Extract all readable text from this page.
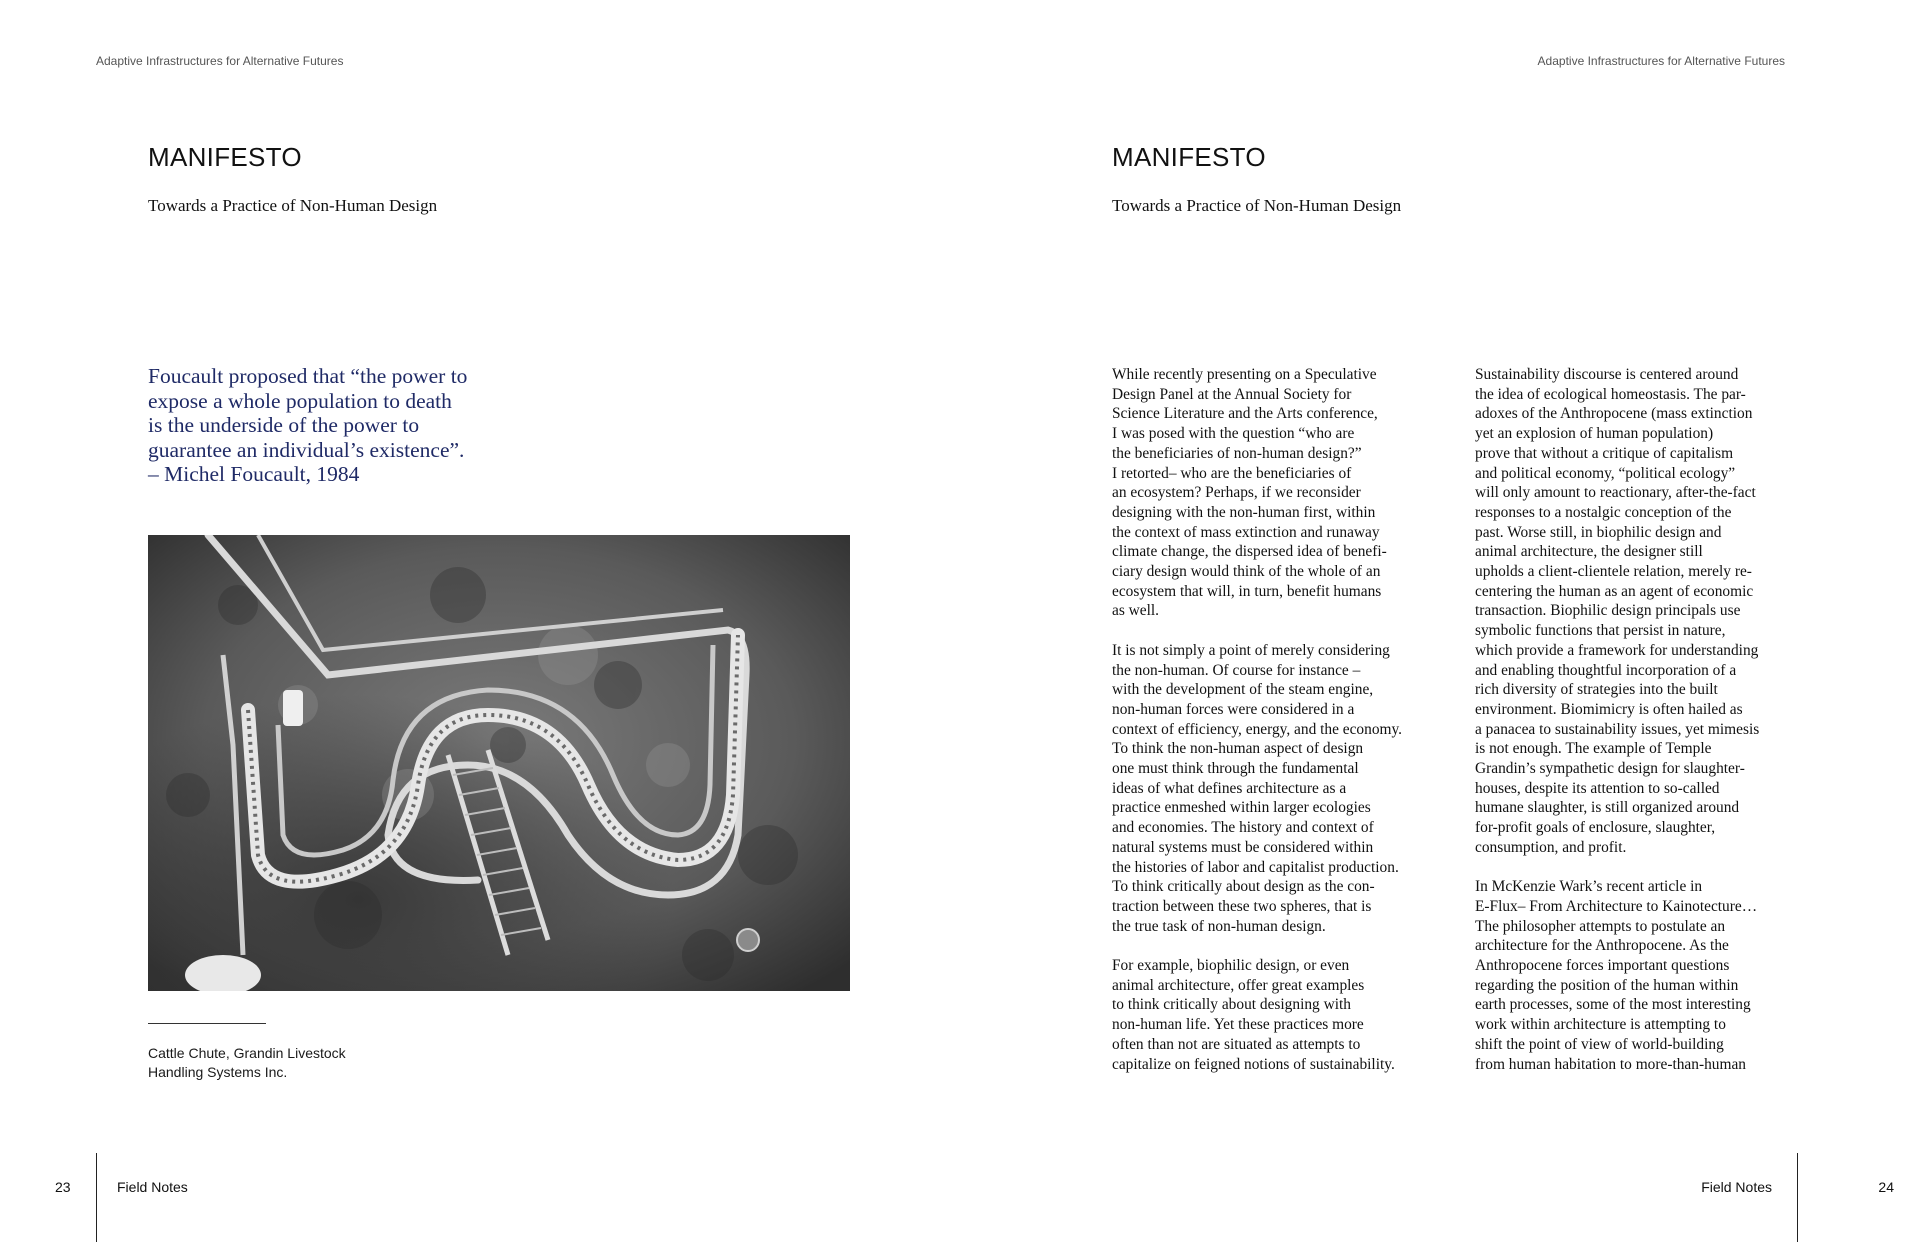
Adaptive Infrastructures for Alternative Futures
MANIFESTO
Towards a Practice of Non-Human Design
Foucault proposed that “the power to
expose a whole population to death
is the underside of the power to
guarantee an individual’s existence”.
– Michel Foucault, 1984
Cattle Chute, Grandin Livestock
Handling Systems Inc.
23	Field Notes
Adaptive Infrastructures for Alternative Futures
MANIFESTO
Towards a Practice of Non-Human Design

While recently presenting on a Speculative
Design Panel at the Annual Society for
Science Literature and the Arts conference,
I was posed with the question “who are
the beneficiaries of non-human design?”
I retorted– who are the beneficiaries of
an ecosystem? Perhaps, if we reconsider
designing with the non-human first, within
the context of mass extinction and runaway
climate change, the dispersed idea of benefi-
ciary design would think of the whole of an
ecosystem that will, in turn, benefit humans
as well.

It is not simply a point of merely considering
the non-human. Of course for instance –
with the development of the steam engine,
non-human forces were considered in a
context of efficiency, energy, and the economy.
To think the non-human aspect of design
one must think through the fundamental
ideas of what defines architecture as a
practice enmeshed within larger ecologies
and economies. The history and context of
natural systems must be considered within
the histories of labor and capitalist production.
To think critically about design as the con-
traction between these two spheres, that is
the true task of non-human design.

For example, biophilic design, or even
animal architecture, offer great examples
to think critically about designing with
non-human life. Yet these practices more
often than not are situated as attempts to
capitalize on feigned notions of sustainability.

Sustainability discourse is centered around
the idea of ecological homeostasis. The par-
adoxes of the Anthropocene (mass extinction
yet an explosion of human population)
prove that without a critique of capitalism
and political economy, “political ecology”
will only amount to reactionary, after-the-fact
responses to a nostalgic conception of the
past. Worse still, in biophilic design and
animal architecture, the designer still
upholds a client-clientele relation, merely re-
centering the human as an agent of economic
transaction. Biophilic design principals use
symbolic functions that persist in nature,
which provide a framework for understanding
and enabling thoughtful incorporation of a
rich diversity of strategies into the built
environment. Biomimicry is often hailed as
a panacea to sustainability issues, yet mimesis
is not enough. The example of Temple
Grandin’s sympathetic design for slaughter-
houses, despite its attention to so-called
humane slaughter, is still organized around
for-profit goals of enclosure, slaughter,
consumption, and profit.

In McKenzie Wark’s recent article in
E-Flux– From Architecture to Kainotecture…
The philosopher attempts to postulate an
architecture for the Anthropocene. As the
Anthropocene forces important questions
regarding the position of the human within
earth processes, some of the most interesting
work within architecture is attempting to
shift the point of view of world-building
from human habitation to more-than-human

Field Notes	24
